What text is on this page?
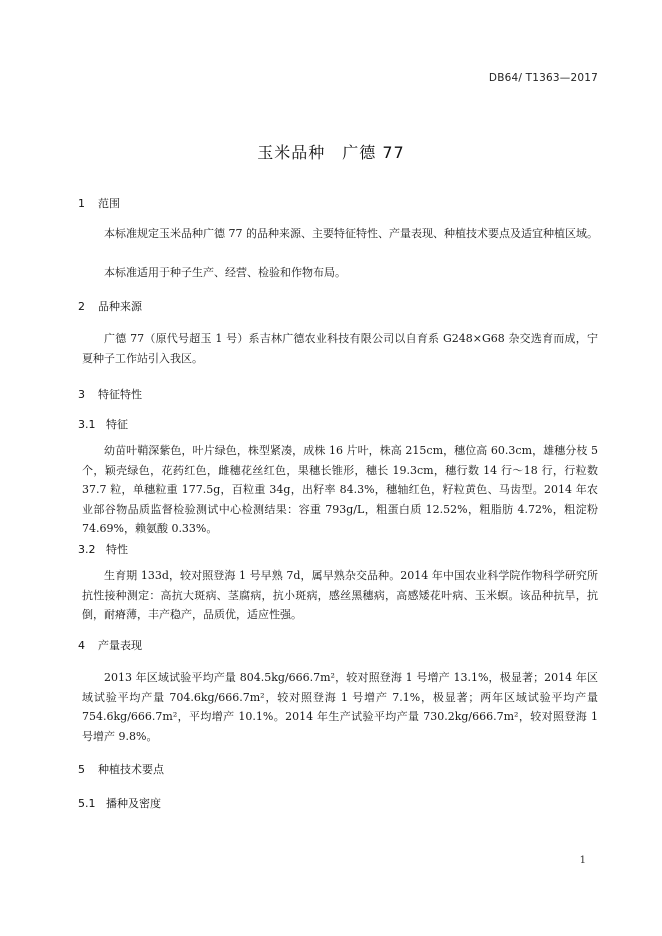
DB64/ T1363—2017
玉米品种　广德 77
1 范围

本标准规定玉米品种广德 77 的品种来源、主要特征特性、产量表现、种植技术要点及适宜种植区域。

本标准适用于种子生产、经营、检验和作物布局。

2 品种来源

广德 77（原代号超玉 1 号）系吉林广德农业科技有限公司以自育系 G248×G68 杂交选育而成，宁夏种子工作站引入我区。

3 特征特性
3.1 特征

幼苗叶鞘深紫色，叶片绿色，株型紧凑，成株 16 片叶，株高 215cm，穗位高 60.3cm，雄穗分枝 5 个，颖壳绿色，花药红色，雌穗花丝红色，果穗长锥形，穗长 19.3cm，穗行数 14 行～18 行，行粒数 37.7 粒，单穗粒重 177.5g，百粒重 34g，出籽率 84.3%，穗轴红色，籽粒黄色、马齿型。2014 年农业部谷物品质监督检验测试中心检测结果：容重 793g/L，粗蛋白质 12.52%，粗脂肪 4.72%，粗淀粉 74.69%，赖氨酸 0.33%。

3.2 特性

生育期 133d，较对照登海 1 号早熟 7d，属早熟杂交品种。2014 年中国农业科学院作物科学研究所抗性接种测定：高抗大斑病、茎腐病，抗小斑病，感丝黑穗病，高感矮花叶病、玉米螟。该品种抗旱，抗倒，耐瘠薄，丰产稳产，品质优，适应性强。

4 产量表现

2013 年区域试验平均产量 804.5kg/666.7m²，较对照登海 1 号增产 13.1%，极显著；2014 年区域试验平均产量 704.6kg/666.7m²，较对照登海 1 号增产 7.1%，极显著；两年区域试验平均产量 754.6kg/666.7m²，平均增产 10.1%。2014 年生产试验平均产量 730.2kg/666.7m²，较对照登海 1 号增产 9.8%。

5 种植技术要点
5.1 播种及密度
1
